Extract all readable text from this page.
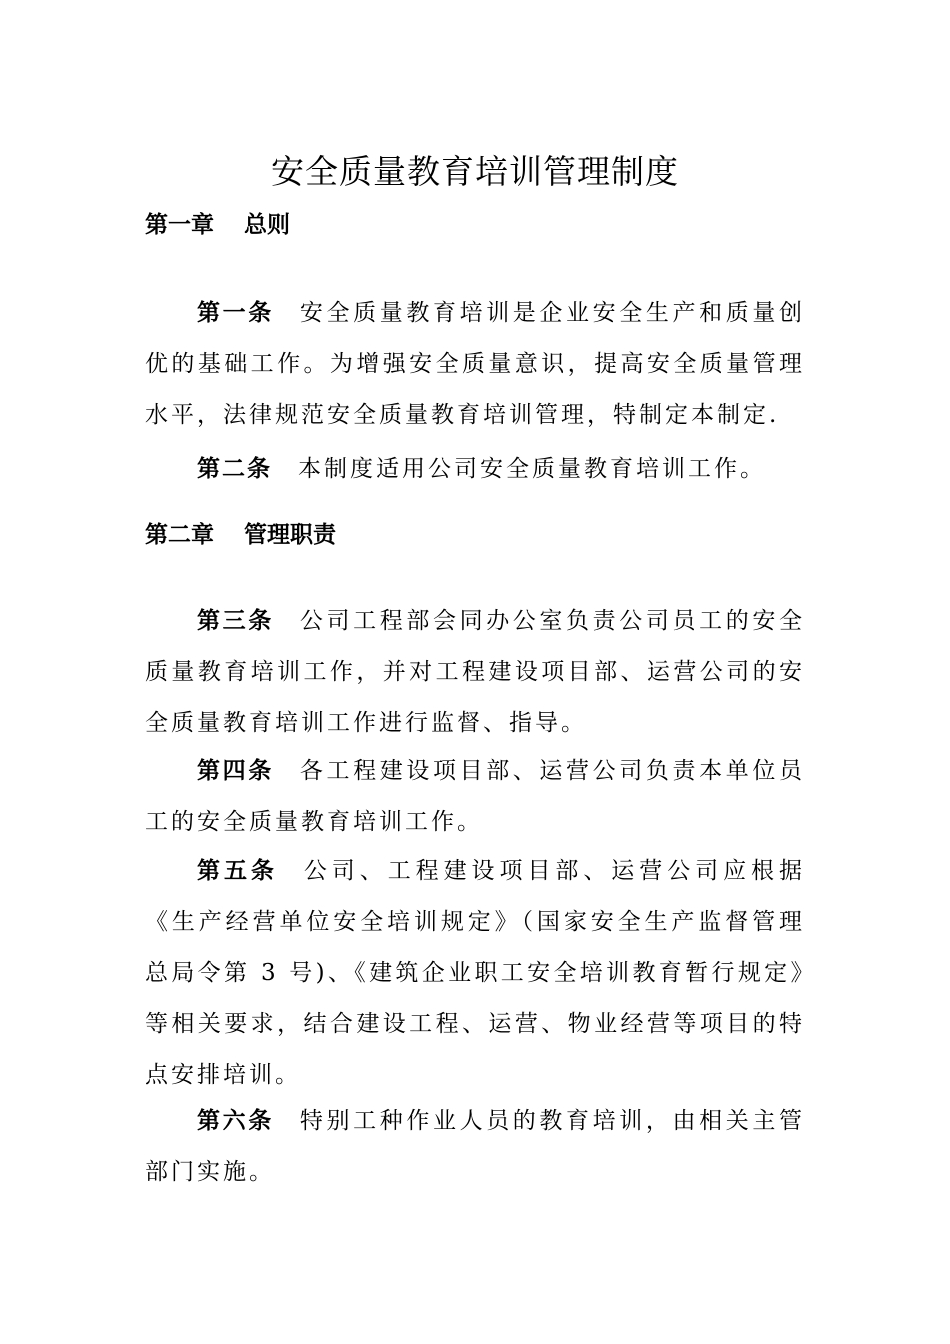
安全质量教育培训管理制度
第一章 总则

第一条 安全质量教育培训是企业安全生产和质量创优的基础工作。为增强安全质量意识，提高安全质量管理水平，法律规范安全质量教育培训管理，特制定本制定.

第二条 本制度适用公司安全质量教育培训工作。

第二章 管理职责

第三条 公司工程部会同办公室负责公司员工的安全质量教育培训工作，并对工程建设项目部、运营公司的安全质量教育培训工作进行监督、指导。

第四条 各工程建设项目部、运营公司负责本单位员工的安全质量教育培训工作。

第五条 公司、工程建设项目部、运营公司应根据《生产经营单位安全培训规定》（国家安全生产监督管理总局令第 3 号)、《建筑企业职工安全培训教育暂行规定》等相关要求，结合建设工程、运营、物业经营等项目的特点安排培训。

第六条 特别工种作业人员的教育培训，由相关主管部门实施。
